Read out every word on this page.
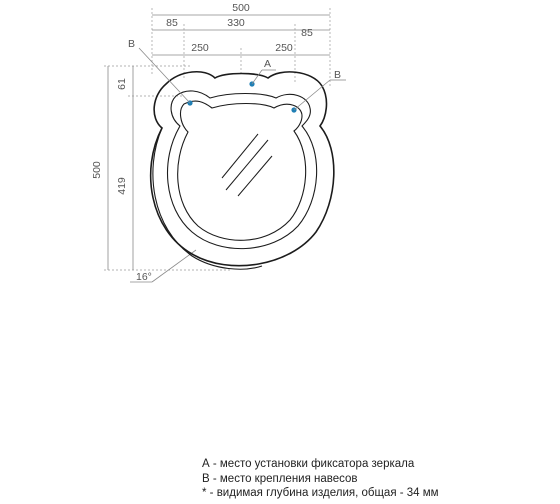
500
85	330
85
250	250
500
61
419
16°
B
A
B
А - место установки фиксатора зеркала
В - место крепления навесов
* - видимая глубина изделия, общая - 34 мм
